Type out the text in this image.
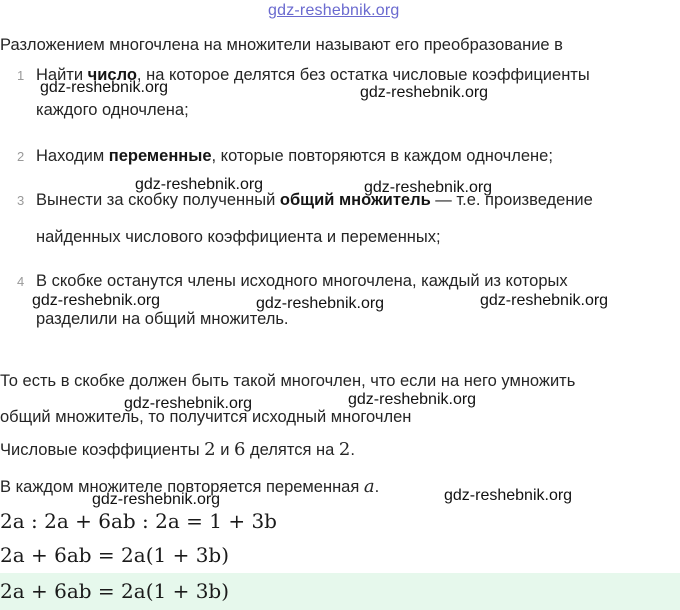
gdz-reshebnik.org
Разложением многочлена на множители называют его преобразование в
1 Найти число, на которое делятся без остатка числовые коэффициенты
gdz-reshebnik.org	gdz-reshebnik.org
каждого одночлена;
2 Находим переменные, которые повторяются в каждом одночлене;
gdz-reshebnik.org	gdz-reshebnik.org
3 Вынести за скобку полученный общий множитель — т.е. произведение
найденных числового коэффициента и переменных;
4 В скобке останутся члены исходного многочлена, каждый из которых
gdz-reshebnik.org	gdz-reshebnik.org	gdz-reshebnik.org
разделили на общий множитель.
То есть в скобке должен быть такой многочлен, что если на него умножить
gdz-reshebnik.org	gdz-reshebnik.org
общий множитель, то получится исходный многочлен
Числовые коэффициенты 2 и 6 делятся на 2.
В каждом множителе повторяется переменная a.
gdz-reshebnik.org	gdz-reshebnik.org
2a : 2a + 6ab : 2a = 1 + 3b
2a + 6ab = 2a(1 + 3b)
2a + 6ab = 2a(1 + 3b)
